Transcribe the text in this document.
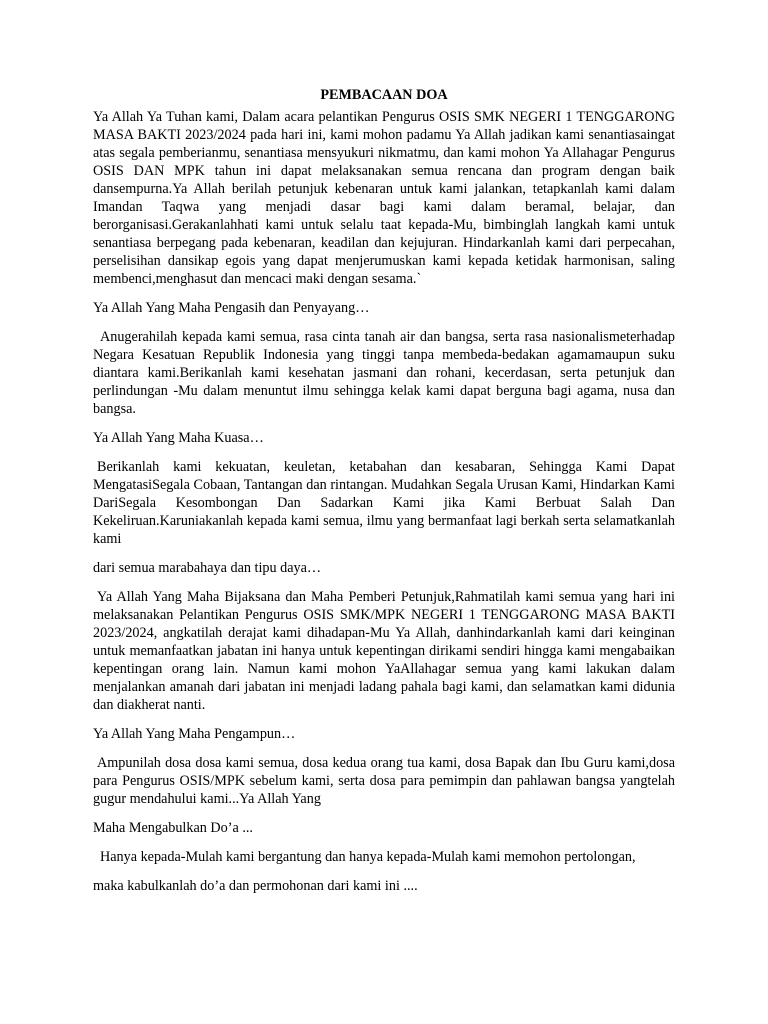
PEMBACAAN DOA

Ya Allah Ya Tuhan kami, Dalam acara pelantikan Pengurus OSIS SMK NEGERI 1 TENGGARONG MASA BAKTI 2023/2024 pada hari ini, kami mohon padamu Ya Allah jadikan kami senantiasaingat atas segala pemberianmu, senantiasa mensyukuri nikmatmu, dan kami mohon Ya Allahagar Pengurus OSIS DAN MPK tahun ini dapat melaksanakan semua rencana dan program dengan baik dansempurna.Ya Allah berilah petunjuk kebenaran untuk kami jalankan, tetapkanlah kami dalam Imandan Taqwa yang menjadi dasar bagi kami dalam beramal, belajar, dan berorganisasi.Gerakanlahhati kami untuk selalu taat kepada-Mu, bimbinglah langkah kami untuk senantiasa berpegang pada kebenaran, keadilan dan kejujuran. Hindarkanlah kami dari perpecahan, perselisihan dansikap egois yang dapat menjerumuskan kami kepada ketidak harmonisan, saling membenci,menghasut dan mencaci maki dengan sesama.`

Ya Allah Yang Maha Pengasih dan Penyayang…

Anugerahilah kepada kami semua, rasa cinta tanah air dan bangsa, serta rasa nasionalismeterhadap Negara Kesatuan Republik Indonesia yang tinggi tanpa membeda-bedakan agamamaupun suku diantara kami.Berikanlah kami kesehatan jasmani dan rohani, kecerdasan, serta petunjuk dan perlindungan -Mu dalam menuntut ilmu sehingga kelak kami dapat berguna bagi agama, nusa dan bangsa.

Ya Allah Yang Maha Kuasa…

Berikanlah kami kekuatan, keuletan, ketabahan dan kesabaran, Sehingga Kami Dapat MengatasiSegala Cobaan, Tantangan dan rintangan. Mudahkan Segala Urusan Kami, Hindarkan Kami DariSegala Kesombongan Dan Sadarkan Kami jika Kami Berbuat Salah Dan Kekeliruan.Karuniakanlah kepada kami semua, ilmu yang bermanfaat lagi berkah serta selamatkanlah kami

dari semua marabahaya dan tipu daya…

Ya Allah Yang Maha Bijaksana dan Maha Pemberi Petunjuk,Rahmatilah kami semua yang hari ini melaksanakan Pelantikan Pengurus OSIS SMK/MPK NEGERI 1 TENGGARONG MASA BAKTI 2023/2024, angkatilah derajat kami dihadapan-Mu Ya Allah, danhindarkanlah kami dari keinginan untuk memanfaatkan jabatan ini hanya untuk kepentingan dirikami sendiri hingga kami mengabaikan kepentingan orang lain. Namun kami mohon YaAllahagar semua yang kami lakukan dalam menjalankan amanah dari jabatan ini menjadi ladang pahala bagi kami, dan selamatkan kami didunia dan diakherat nanti.

Ya Allah Yang Maha Pengampun…

Ampunilah dosa dosa kami semua, dosa kedua orang tua kami, dosa Bapak dan Ibu Guru kami,dosa para Pengurus OSIS/MPK sebelum kami, serta dosa para pemimpin dan pahlawan bangsa yangtelah gugur mendahului kami...Ya Allah Yang

Maha Mengabulkan Do’a ...

Hanya kepada-Mulah kami bergantung dan hanya kepada-Mulah kami memohon pertolongan,

maka kabulkanlah do’a dan permohonan dari kami ini ....
